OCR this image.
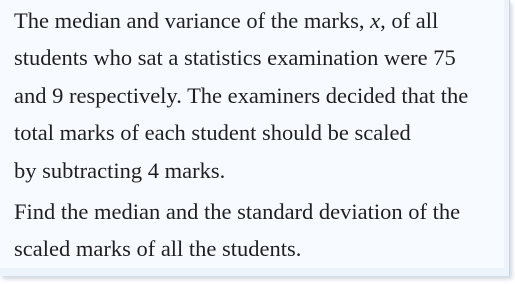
The median and variance of the marks, x, of all
students who sat a statistics examination were 75
and 9 respectively. The examiners decided that the
total marks of each student should be scaled
by subtracting 4 marks.

Find the median and the standard deviation of the
scaled marks of all the students.
